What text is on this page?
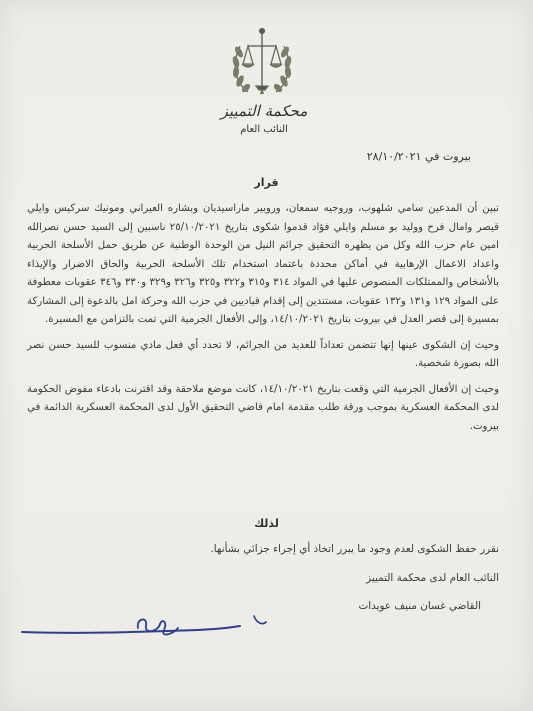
محكمة التمييز
النائب العام
بيروت في ٢٨/١٠/٢٠٢١
قرار

تبين أن المدعين سامي شلهوب، وروجيه سمعان، وروبير ماراسيديان وبشاره العيراني ومونيك سركيس وايلي قيصر وامال فرح ووليد بو مسلم وايلي فؤاد قدموا شكوى بتاريخ ٢٥/١٠/٢٠٢١ ناسبين إلى السيد حسن نصرالله امين عام حزب الله وكل من يظهره التحقيق جرائم النيل من الوحدة الوطنية عن طريق حمل الأسلحة الحربية واعداد الاعمال الإرهابية في أماكن محددة باعتماد استخدام تلك الأسلحة الحربية والحاق الاضرار والإيذاء بالأشخاص والممتلكات المنصوص عليها في المواد ٣١٤ و٣١٥ و٣٢٢ و٣٢٥ و٣٢٦ و٣٢٩ و٣٣٠ و٣٤٦ عقوبات معطوفة على المواد ١٢٩ و١٣١ و١٣٢ عقوبات، مستندين إلى إقدام قياديين في حزب الله وحركة امل بالدعوة إلى المشاركة بمسيرة إلى قصر العدل في بيروت بتاريخ ١٤/١٠/٢٠٢١، وإلى الأفعال الجرمية التي تمت بالتزامن مع المسيرة.

وحيث إن الشكوى عينها إنها تتضمن تعداداً للعديد من الجرائم، لا تحدد أي فعل مادي منسوب للسيد حسن نصر الله بصورة شخصية.

وحيث إن الأفعال الجرمية التي وقعت بتاريخ ١٤/١٠/٢٠٢١، كانت موضع ملاحقة وقد اقترنت بادعاء مفوض الحكومة لدى المحكمة العسكرية بموجب ورقة طلب مقدمة امام قاضي التحقيق الأول لدى المحكمة العسكرية الدائمة في بيروت.

لذلك
نقرر حفظ الشكوى لعدم وجود ما يبرر اتخاذ أي إجراء جزائي بشأنها.
النائب العام لدى محكمة التمييز
القاضي غسان منيف عويدات
